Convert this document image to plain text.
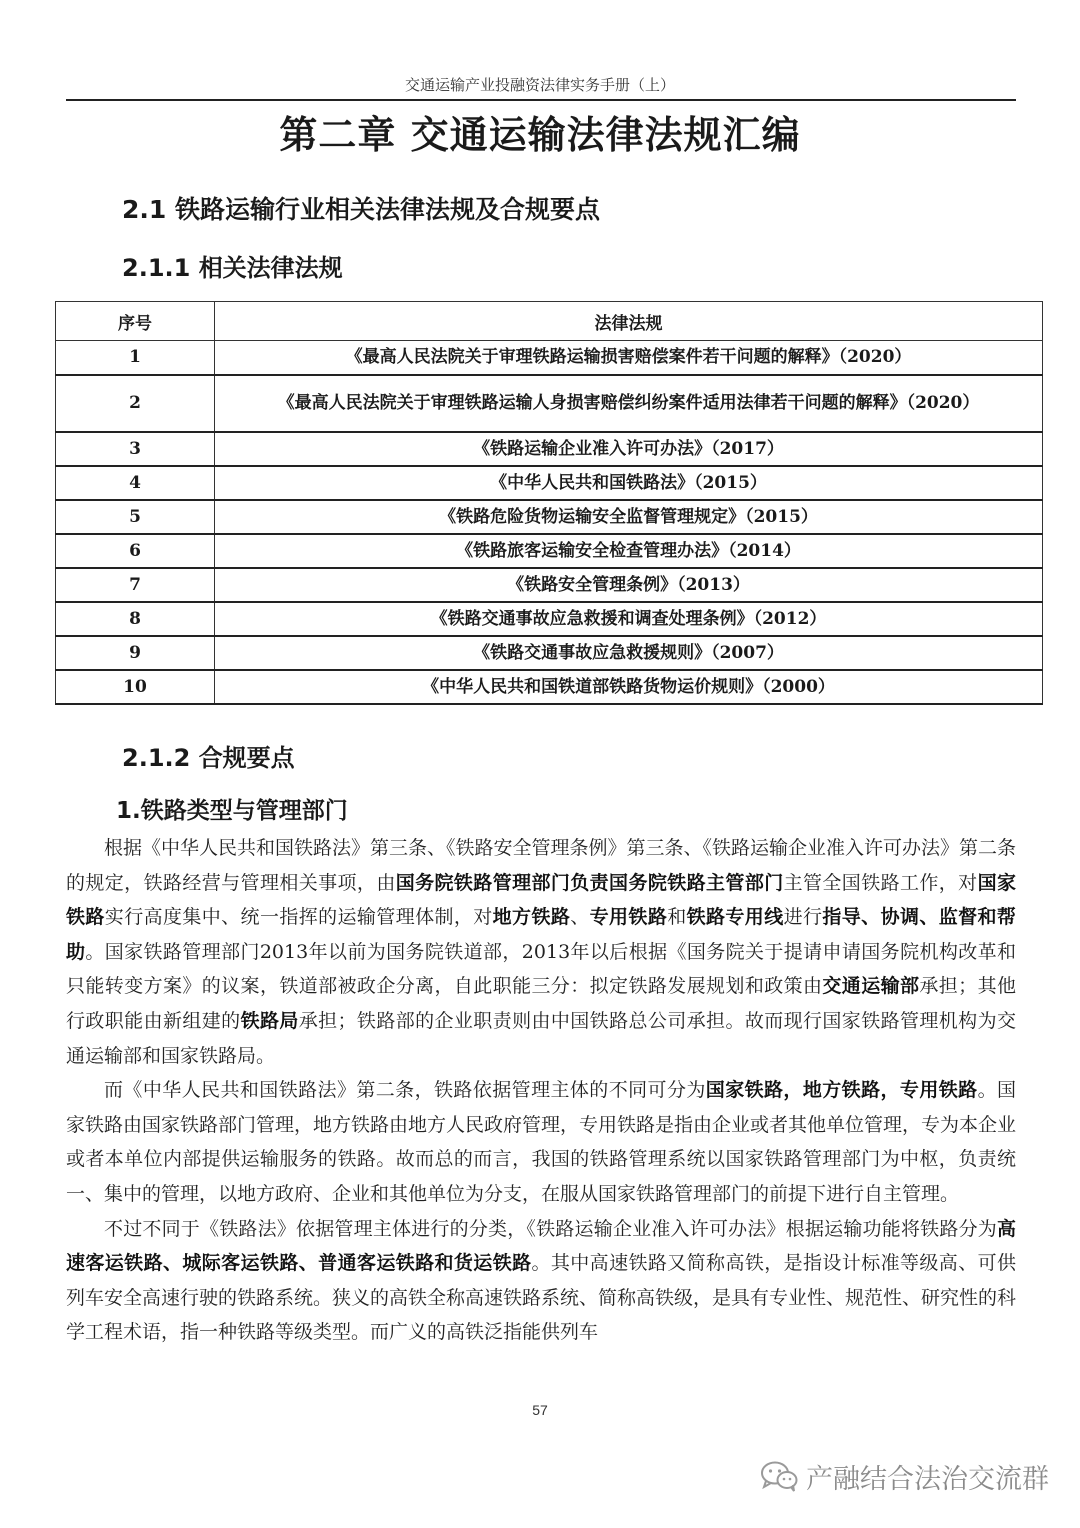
交通运输产业投融资法律实务手册（上）
第二章 交通运输法律法规汇编
2.1 铁路运输行业相关法律法规及合规要点
2.1.1 相关法律法规
序号	法律法规
1	《最高人民法院关于审理铁路运输损害赔偿案件若干问题的解释》（2020）
2	《最高人民法院关于审理铁路运输人身损害赔偿纠纷案件适用法律若干问题的解释》（2020）
3	《铁路运输企业准入许可办法》（2017）
4	《中华人民共和国铁路法》（2015）
5	《铁路危险货物运输安全监督管理规定》（2015）
6	《铁路旅客运输安全检查管理办法》（2014）
7	《铁路安全管理条例》（2013）
8	《铁路交通事故应急救援和调查处理条例》（2012）
9	《铁路交通事故应急救援规则》（2007）
10	《中华人民共和国铁道部铁路货物运价规则》（2000）
2.1.2 合规要点
1.铁路类型与管理部门

根据《中华人民共和国铁路法》第三条、《铁路安全管理条例》第三条、《铁路运输企业准入许可办法》第二条的规定，铁路经营与管理相关事项，由国务院铁路管理部门负责国务院铁路主管部门主管全国铁路工作，对国家铁路实行高度集中、统一指挥的运输管理体制，对地方铁路、专用铁路和铁路专用线进行指导、协调、监督和帮助。国家铁路管理部门2013年以前为国务院铁道部，2013年以后根据《国务院关于提请申请国务院机构改革和只能转变方案》的议案，铁道部被政企分离，自此职能三分：拟定铁路发展规划和政策由交通运输部承担；其他行政职能由新组建的铁路局承担；铁路部的企业职责则由中国铁路总公司承担。故而现行国家铁路管理机构为交通运输部和国家铁路局。

而《中华人民共和国铁路法》第二条，铁路依据管理主体的不同可分为国家铁路，地方铁路，专用铁路。国家铁路由国家铁路部门管理，地方铁路由地方人民政府管理，专用铁路是指由企业或者其他单位管理，专为本企业或者本单位内部提供运输服务的铁路。故而总的而言，我国的铁路管理系统以国家铁路管理部门为中枢，负责统一、集中的管理，以地方政府、企业和其他单位为分支，在服从国家铁路管理部门的前提下进行自主管理。

不过不同于《铁路法》依据管理主体进行的分类，《铁路运输企业准入许可办法》根据运输功能将铁路分为高速客运铁路、城际客运铁路、普通客运铁路和货运铁路。其中高速铁路又简称高铁，是指设计标准等级高、可供列车安全高速行驶的铁路系统。狭义的高铁全称高速铁路系统、简称高铁级，是具有专业性、规范性、研究性的科学工程术语，指一种铁路等级类型。而广义的高铁泛指能供列车

57
产融结合法治交流群
